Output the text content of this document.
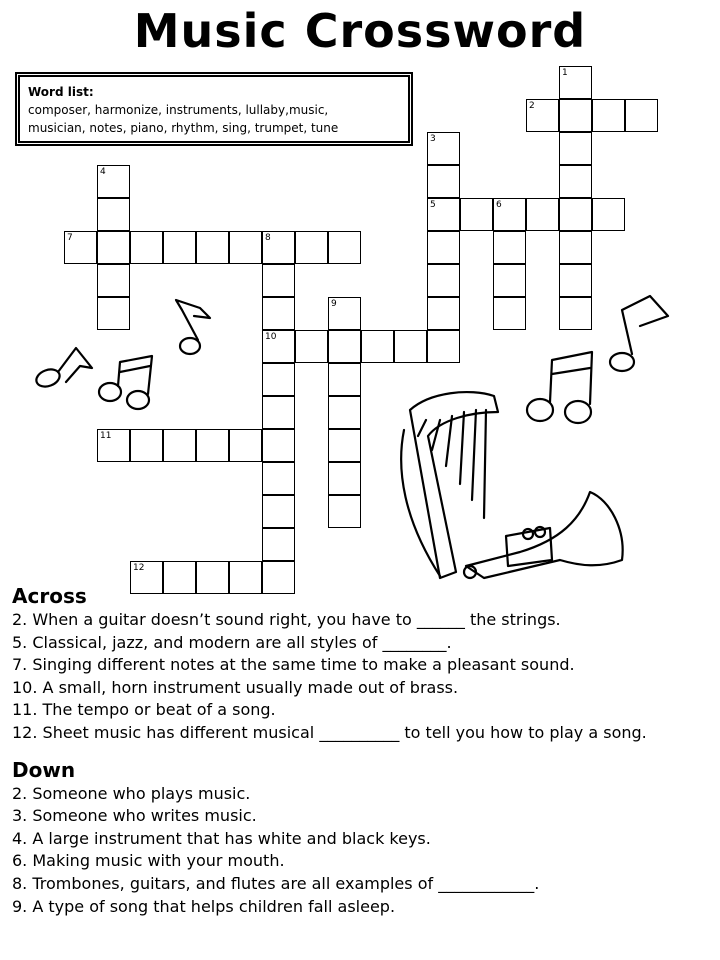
Music Crossword
Word list:
composer, harmonize, instruments, lullaby,music,
musician, notes, piano, rhythm, sing, trumpet, tune
1
2
3
5
4
6
7	8
10
9
11
12
Across
2. When a guitar doesn’t sound right, you have to ______ the strings.
5. Classical, jazz, and modern are all styles of ________.
7. Singing different notes at the same time to make a pleasant sound.
10. A small, horn instrument usually made out of brass.
11. The tempo or beat of a song.
12. Sheet music has different musical __________ to tell you how to play a song.
Down
2. Someone who plays music.
3. Someone who writes music.
4. A large instrument that has white and black keys.
6. Making music with your mouth.
8. Trombones, guitars, and flutes are all examples of ____________.
9. A type of song that helps children fall asleep.
